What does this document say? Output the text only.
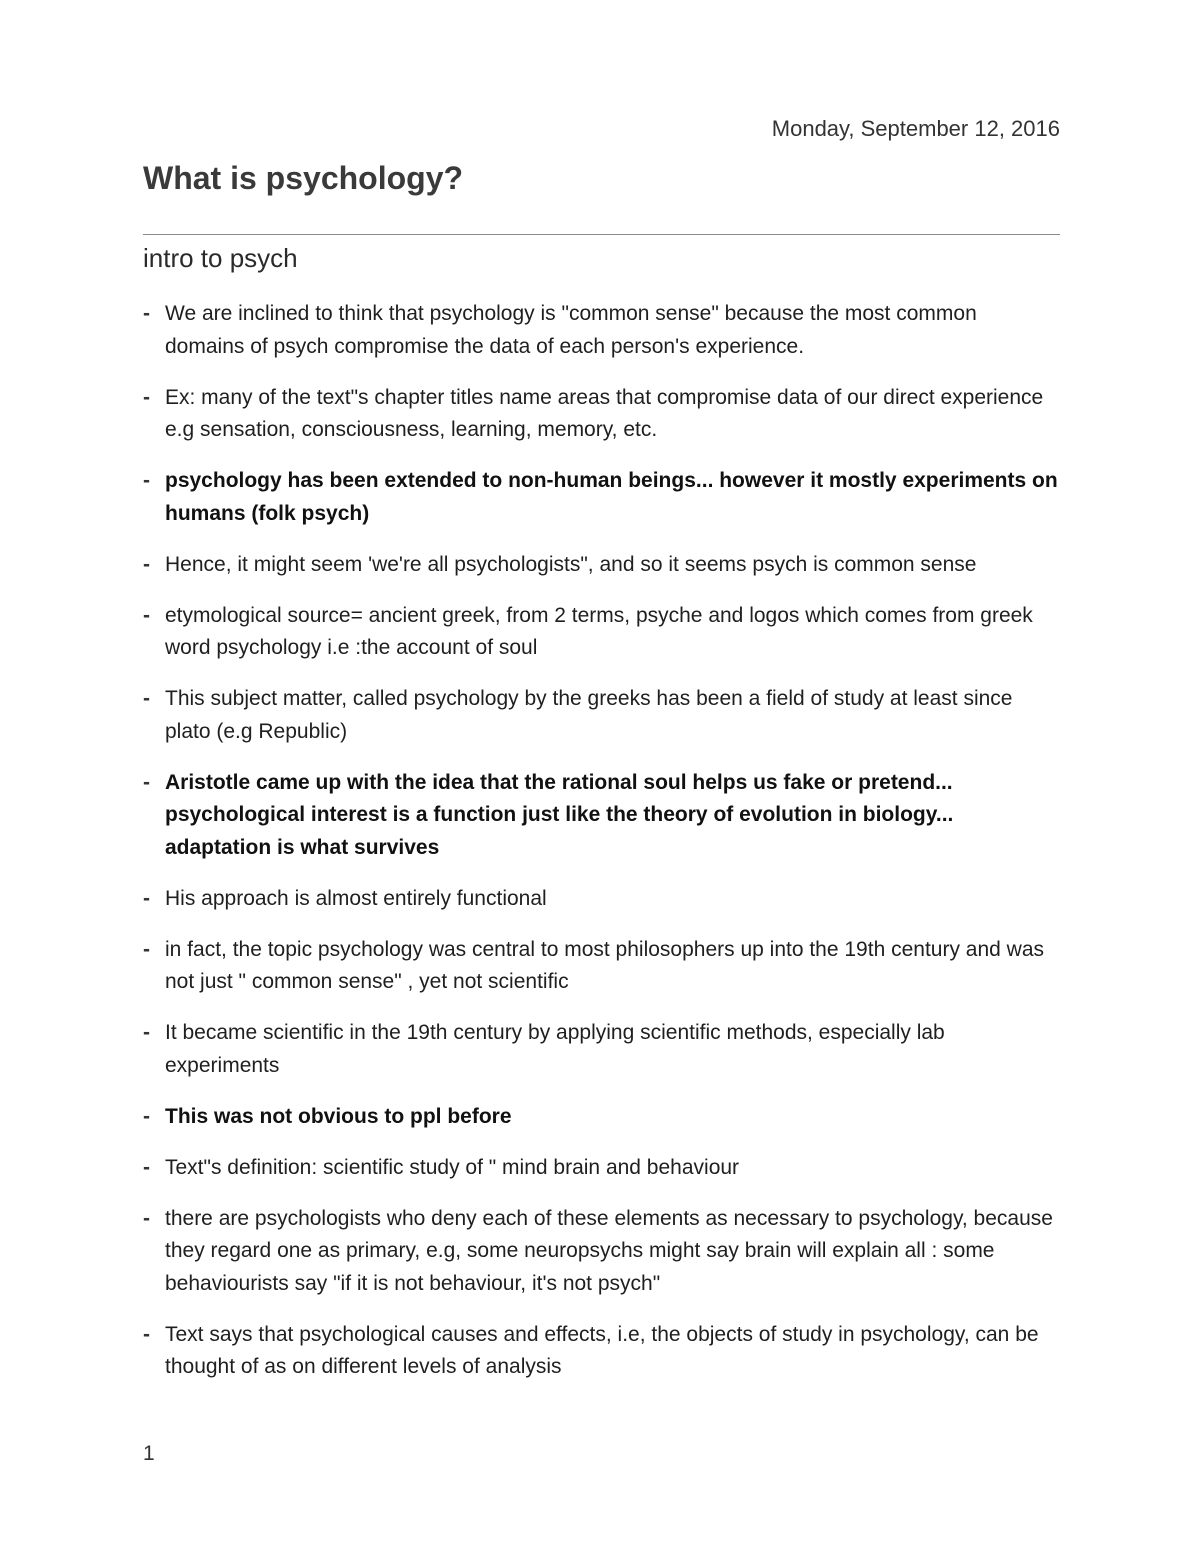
Monday, September 12, 2016
What is psychology?
intro to psych
- We are inclined to think that psychology is "common sense" because the most common domains of psych compromise the data of each person's experience.
- Ex: many of the text"s chapter titles name areas that compromise data of our direct experience e.g sensation, consciousness, learning, memory, etc.
- psychology has been extended to non-human beings... however it mostly experiments on humans (folk psych)
- Hence, it might seem 'we're all psychologists", and so it seems psych is common sense
- etymological source= ancient greek, from 2 terms, psyche and logos which comes from greek word psychology i.e :the account of soul
- This subject matter, called psychology by the greeks has been a field of study at least since plato (e.g Republic)
- Aristotle came up with the idea that the rational soul helps us fake or pretend... psychological interest is a function just like the theory of evolution in biology... adaptation is what survives
- His approach is almost entirely functional
- in fact, the topic psychology was central to most philosophers up into the 19th century and was not just " common sense" , yet not scientific
- It became scientific in the 19th century by applying scientific methods, especially lab experiments
- This was not obvious to ppl before
- Text"s definition: scientific study of " mind brain and behaviour
- there are psychologists who deny each of these elements as necessary to psychology, because they regard one as primary, e.g, some neuropsychs might say brain will explain all : some behaviourists say "if it is not behaviour, it's not psych"
- Text says that psychological causes and effects, i.e, the objects of study in psychology, can be thought of as on different levels of analysis
1
